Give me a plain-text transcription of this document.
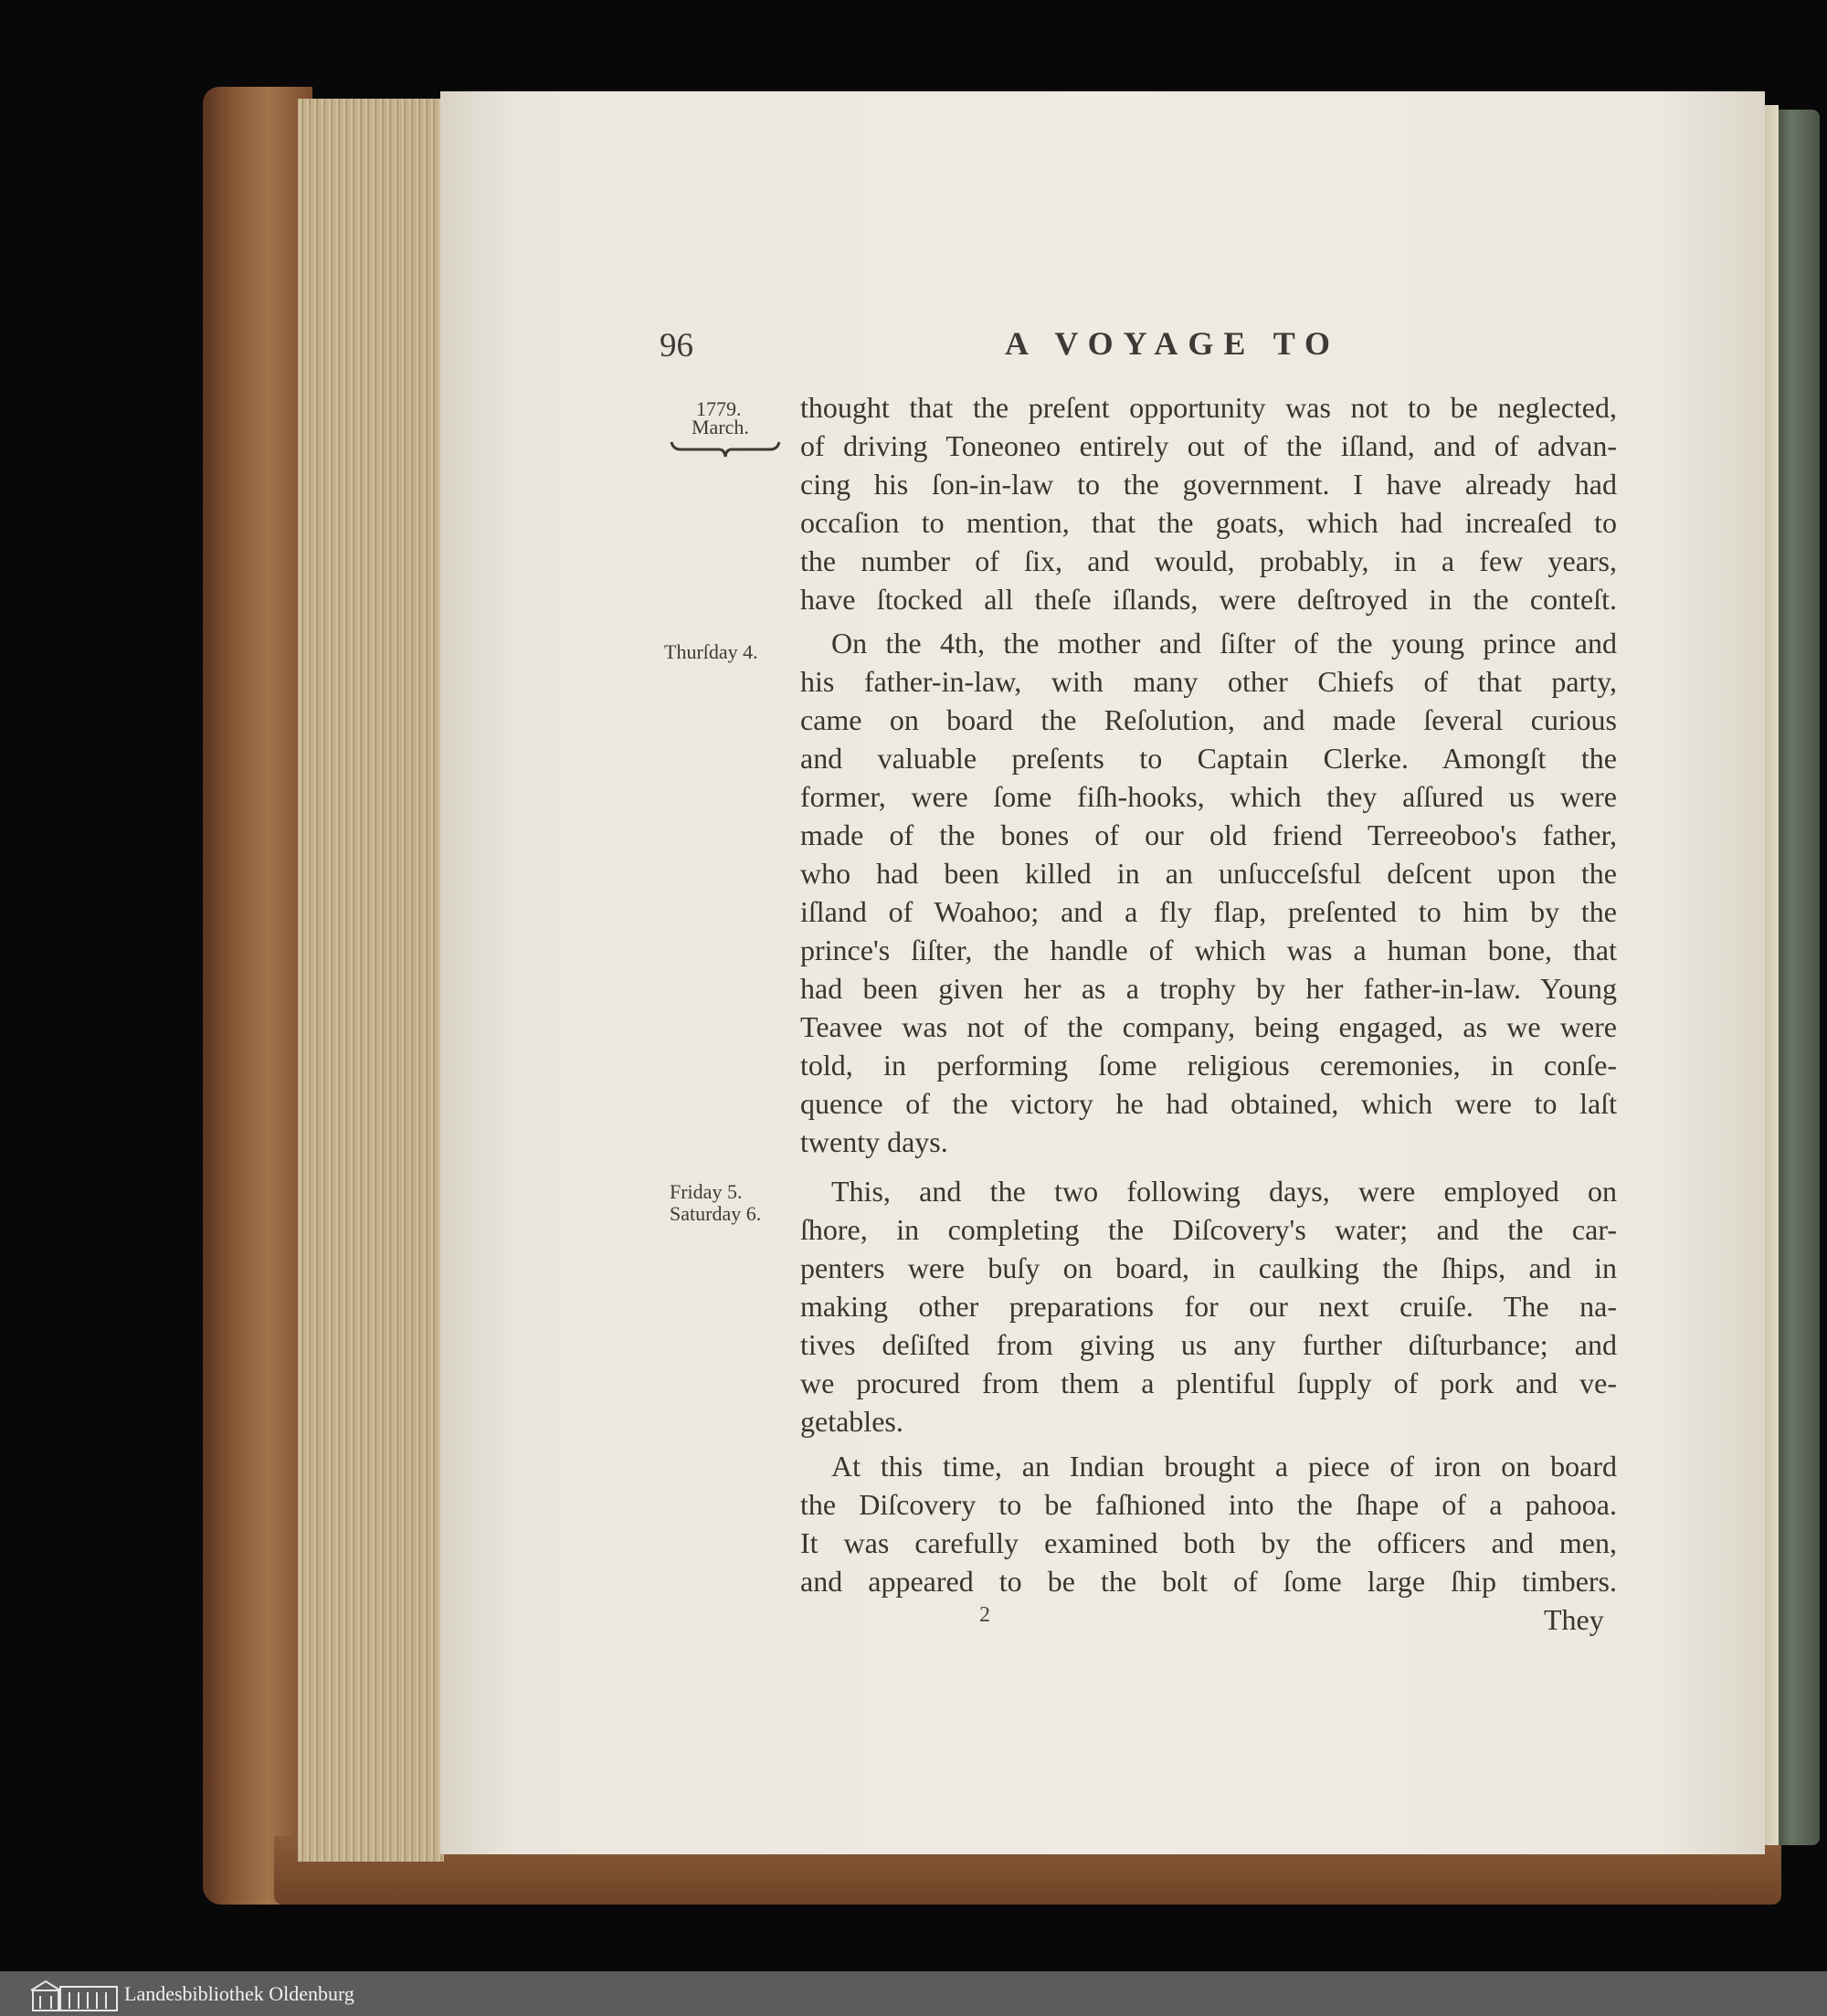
96	A VOYAGE TO
1779.
March.
Thurſday 4.
Friday 5.
Saturday 6.
thought that the preſent opportunity was not to be neglected,
of driving Toneoneo entirely out of the iſland, and of advan-
cing his ſon-in-law to the government. I have already had
occaſion to mention, that the goats, which had increaſed to
the number of ſix, and would, probably, in a few years,
have ſtocked all theſe iſlands, were deſtroyed in the conteſt.
On the 4th, the mother and ſiſter of the young prince and
his father-in-law, with many other Chiefs of that party,
came on board the Reſolution, and made ſeveral curious
and valuable preſents to Captain Clerke. Amongſt the
former, were ſome fiſh-hooks, which they aſſured us were
made of the bones of our old friend Terreeoboo's father,
who had been killed in an unſucceſsful deſcent upon the
iſland of Woahoo; and a fly flap, preſented to him by the
prince's ſiſter, the handle of which was a human bone, that
had been given her as a trophy by her father-in-law. Young
Teavee was not of the company, being engaged, as we were
told, in performing ſome religious ceremonies, in conſe-
quence of the victory he had obtained, which were to laſt
twenty days.
This, and the two following days, were employed on
ſhore, in completing the Diſcovery's water; and the car-
penters were buſy on board, in caulking the ſhips, and in
making other preparations for our next cruiſe. The na-
tives deſiſted from giving us any further diſturbance; and
we procured from them a plentiful ſupply of pork and ve-
getables.
At this time, an Indian brought a piece of iron on board
the Diſcovery to be faſhioned into the ſhape of a pahooa.
It was carefully examined both by the officers and men,
and appeared to be the bolt of ſome large ſhip timbers.
2	They
Landesbibliothek Oldenburg
